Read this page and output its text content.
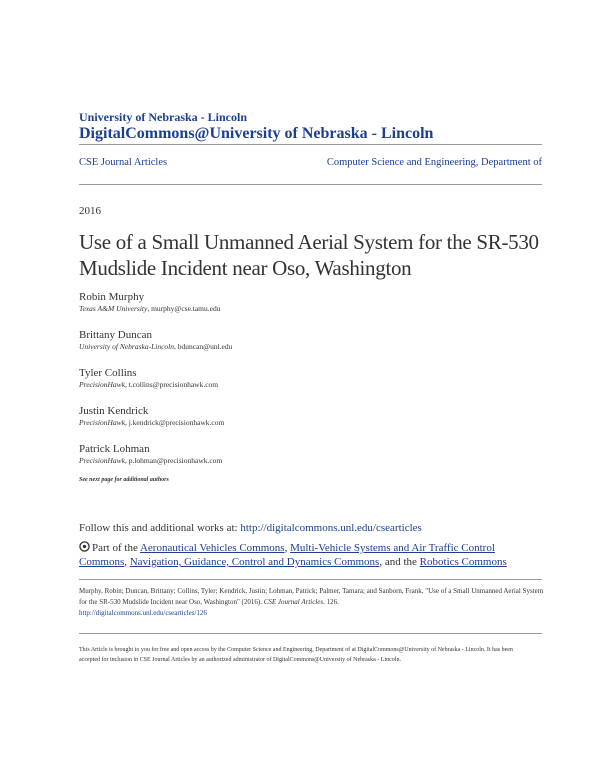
University of Nebraska - Lincoln
DigitalCommons@University of Nebraska - Lincoln
CSE Journal Articles	Computer Science and Engineering, Department of
2016
Use of a Small Unmanned Aerial System for the SR-530 Mudslide Incident near Oso, Washington
Robin Murphy
Texas A&M University, murphy@cse.tamu.edu
Brittany Duncan
University of Nebraska-Lincoln, bduncan@unl.edu
Tyler Collins
PrecisionHawk, t.collins@precisionhawk.com
Justin Kendrick
PrecisionHawk, j.kendrick@precisionhawk.com
Patrick Lohman
PrecisionHawk, p.lohman@precisionhawk.com
See next page for additional authors
Follow this and additional works at: http://digitalcommons.unl.edu/csearticles
Part of the Aeronautical Vehicles Commons, Multi-Vehicle Systems and Air Traffic Control Commons, Navigation, Guidance, Control and Dynamics Commons, and the Robotics Commons
Murphy, Robin; Duncan, Brittany; Collins, Tyler; Kendrick, Justin; Lohman, Patrick; Palmer, Tamara; and Sanborn, Frank, "Use of a Small Unmanned Aerial System for the SR-530 Mudslide Incident near Oso, Washington" (2016). CSE Journal Articles. 126.
http://digitalcommons.unl.edu/csearticles/126
This Article is brought to you for free and open access by the Computer Science and Engineering, Department of at DigitalCommons@University of Nebraska - Lincoln. It has been accepted for inclusion in CSE Journal Articles by an authorized administrator of DigitalCommons@University of Nebraska - Lincoln.
